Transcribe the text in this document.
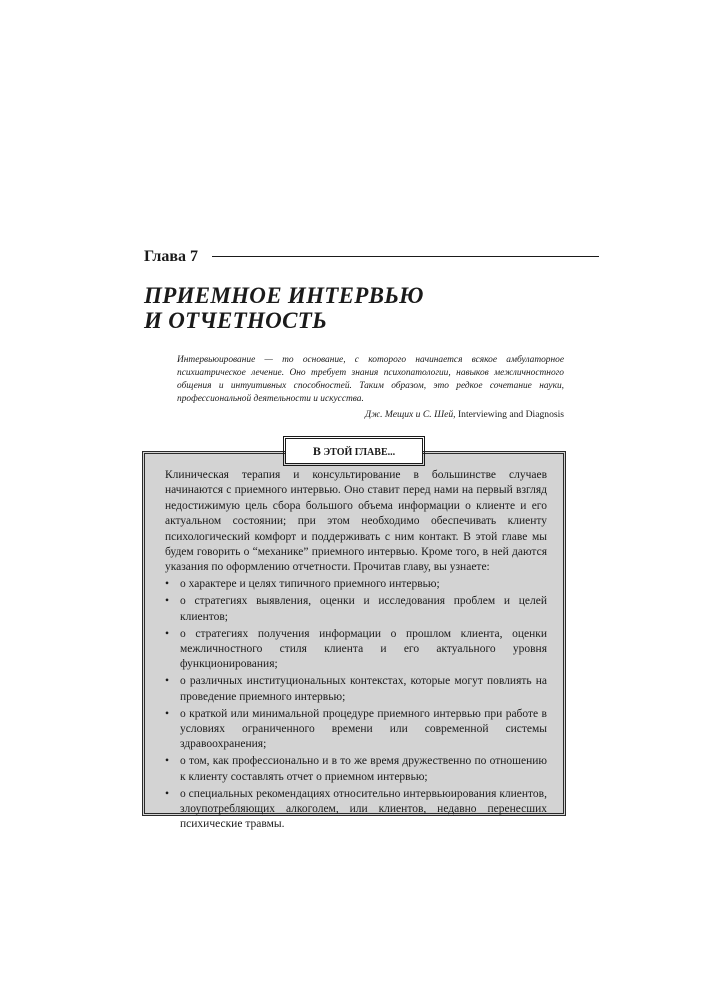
Глава 7
ПРИЕМНОЕ ИНТЕРВЬЮ
И ОТЧЕТНОСТЬ

Интервьюирование — то основание, с которого начинается всякое амбулаторное психиатрическое лечение. Оно требует знания психопатологии, навыков межличностного общения и интуитивных способностей. Таким образом, это редкое сочетание науки, профессиональной деятельности и искусства.

Дж. Мещих и С. Шей, Interviewing and Diagnosis
В ЭТОЙ ГЛАВЕ...

Клиническая терапия и консультирование в большинстве случаев начинаются с приемного интервью. Оно ставит перед нами на первый взгляд недостижимую цель сбора большого объема информации о клиенте и его актуальном состоянии; при этом необходимо обеспечивать клиенту психологический комфорт и поддерживать с ним контакт. В этой главе мы будем говорить о “механике” приемного интервью. Кроме того, в ней даются указания по оформлению отчетности. Прочитав главу, вы узнаете:

• о характере и целях типичного приемного интервью;
• о стратегиях выявления, оценки и исследования проблем и целей клиентов;
• о стратегиях получения информации о прошлом клиента, оценки межличностного стиля клиента и его актуального уровня функционирования;
• о различных институциональных контекстах, которые могут повлиять на проведение приемного интервью;
• о краткой или минимальной процедуре приемного интервью при работе в условиях ограниченного времени или современной системы здравоохранения;
• о том, как профессионально и в то же время дружественно по отношению к клиенту составлять отчет о приемном интервью;
• о специальных рекомендациях относительно интервьюирования клиентов, злоупотребляющих алкоголем, или клиентов, недавно перенесших психические травмы.
